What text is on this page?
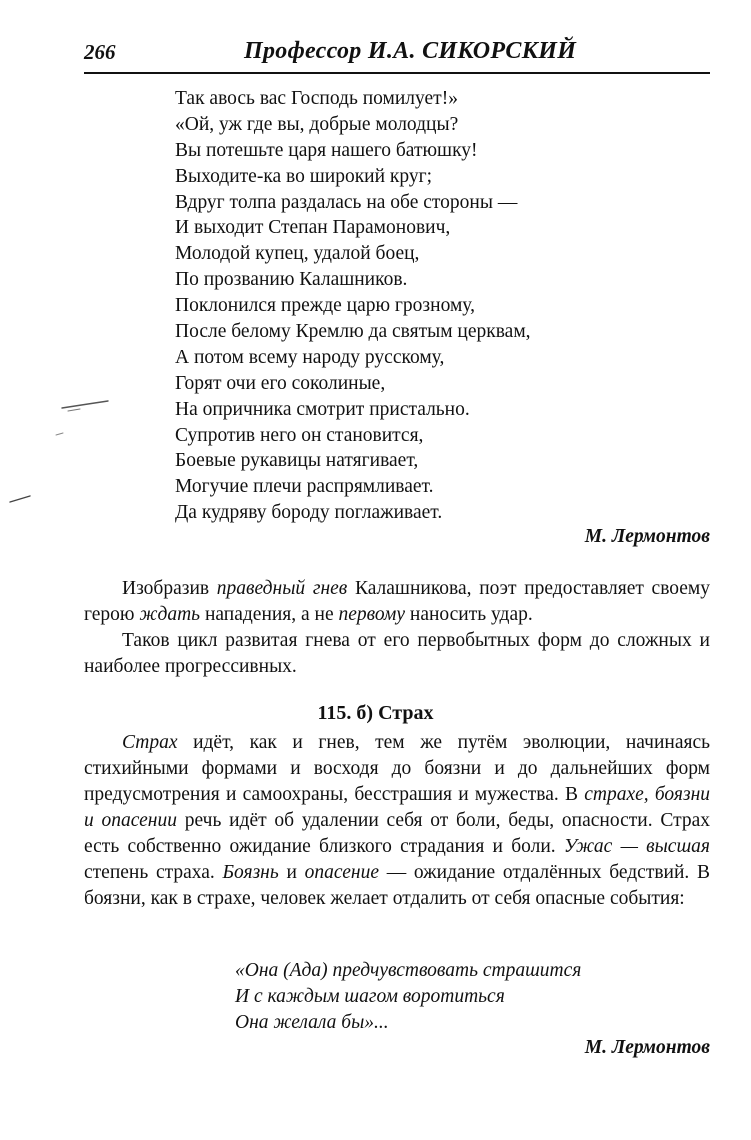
266	Профессор И.А. СИКОРСКИЙ
Так авось вас Господь помилует!»
«Ой, уж где вы, добрые молодцы?
Вы потешьте царя нашего батюшку!
Выходите-ка во широкий круг;
Вдруг толпа раздалась на обе стороны —
И выходит Степан Парамонович,
Молодой купец, удалой боец,
По прозванию Калашников.
Поклонился прежде царю грозному,
После белому Кремлю да святым церквам,
А потом всему народу русскому,
Горят очи его соколиные,
На опричника смотрит пристально.
Супротив него он становится,
Боевые рукавицы натягивает,
Могучие плечи распрямливает.
Да кудряву бороду поглаживает.
М. Лермонтов
Изобразив праведный гнев Калашникова, поэт предоставляет своему герою ждать нападения, а не первому наносить удар.
Таков цикл развитая гнева от его первобытных форм до сложных и наиболее прогрессивных.
115. б) Страх
Страх идёт, как и гнев, тем же путём эволюции, начинаясь стихийными формами и восходя до боязни и до дальнейших форм предусмотрения и самоохраны, бесстрашия и мужества. В страхе, боязни и опасении речь идёт об удалении себя от боли, беды, опасности. Страх есть собственно ожидание близкого страдания и боли. Ужас — высшая степень страха. Боязнь и опасение — ожидание отдалённых бедствий. В боязни, как в страхе, человек желает отдалить от себя опасные события:
«Она (Ада) предчувствовать страшится
И с каждым шагом воротиться
Она желала бы»...
М. Лермонтов
